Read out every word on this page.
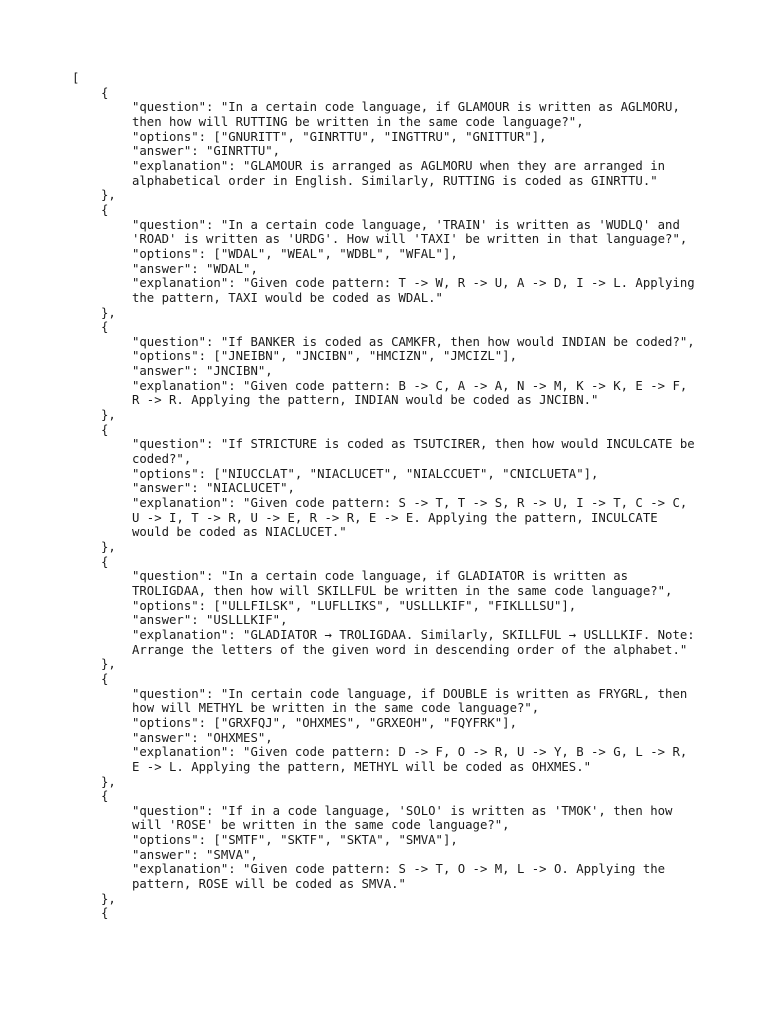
[
{
"question": "In a certain code language, if GLAMOUR is written as AGLMORU, then how will RUTTING be written in the same code language?",
"options": ["GNURITT", "GINRTTU", "INGTTRU", "GNITTUR"],
"answer": "GINRTTU",
"explanation": "GLAMOUR is arranged as AGLMORU when they are arranged in alphabetical order in English. Similarly, RUTTING is coded as GINRTTU."
},
{
"question": "In a certain code language, 'TRAIN' is written as 'WUDLQ' and 'ROAD' is written as 'URDG'. How will 'TAXI' be written in that language?",
"options": ["WDAL", "WEAL", "WDBL", "WFAL"],
"answer": "WDAL",
"explanation": "Given code pattern: T -> W, R -> U, A -> D, I -> L. Applying the pattern, TAXI would be coded as WDAL."
},
{
"question": "If BANKER is coded as CAMKFR, then how would INDIAN be coded?",
"options": ["JNEIBN", "JNCIBN", "HMCIZN", "JMCIZL"],
"answer": "JNCIBN",
"explanation": "Given code pattern: B -> C, A -> A, N -> M, K -> K, E -> F, R -> R. Applying the pattern, INDIAN would be coded as JNCIBN."
},
{
"question": "If STRICTURE is coded as TSUTCIRER, then how would INCULCATE be coded?",
"options": ["NIUCCLAT", "NIACLUCET", "NIALCCUET", "CNICLUETA"],
"answer": "NIACLUCET",
"explanation": "Given code pattern: S -> T, T -> S, R -> U, I -> T, C -> C, U -> I, T -> R, U -> E, R -> R, E -> E. Applying the pattern, INCULCATE would be coded as NIACLUCET."
},
{
"question": "In a certain code language, if GLADIATOR is written as TROLIGDAA, then how will SKILLFUL be written in the same code language?",
"options": ["ULLFILSK", "LUFLLIKS", "USLLLKIF", "FIKLLLSU"],
"answer": "USLLLKIF",
"explanation": "GLADIATOR → TROLIGDAA. Similarly, SKILLFUL → USLLLKIF. Note: Arrange the letters of the given word in descending order of the alphabet."
},
{
"question": "In certain code language, if DOUBLE is written as FRYGRL, then how will METHYL be written in the same code language?",
"options": ["GRXFQJ", "OHXMES", "GRXEOH", "FQYFRK"],
"answer": "OHXMES",
"explanation": "Given code pattern: D -> F, O -> R, U -> Y, B -> G, L -> R, E -> L. Applying the pattern, METHYL will be coded as OHXMES."
},
{
"question": "If in a code language, 'SOLO' is written as 'TMOK', then how will 'ROSE' be written in the same code language?",
"options": ["SMTF", "SKTF", "SKTA", "SMVA"],
"answer": "SMVA",
"explanation": "Given code pattern: S -> T, O -> M, L -> O. Applying the pattern, ROSE will be coded as SMVA."
},
{
